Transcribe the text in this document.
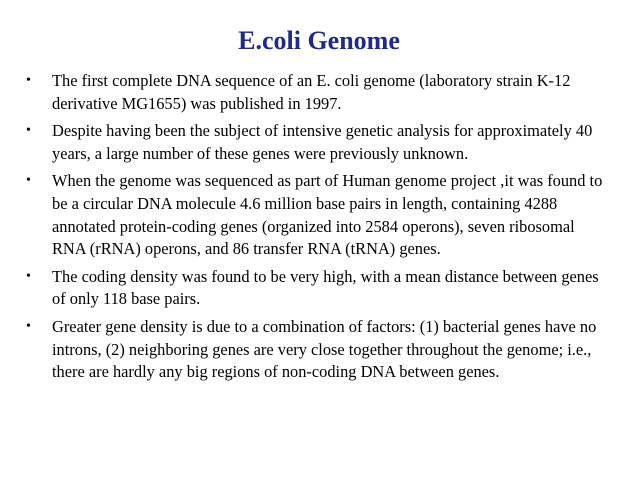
E.coli Genome
• The first complete DNA sequence of an E. coli genome (laboratory strain K-12 derivative MG1655) was published in 1997.
• Despite having been the subject of intensive genetic analysis for approximately 40 years, a large number of these genes were previously unknown.
• When the genome was sequenced as part of Human genome project ,it was found to be a circular DNA molecule 4.6 million base pairs in length, containing 4288 annotated protein-coding genes (organized into 2584 operons), seven ribosomal RNA (rRNA) operons, and 86 transfer RNA (tRNA) genes.
• The coding density was found to be very high, with a mean distance between genes of only 118 base pairs.
• Greater gene density is due to a combination of factors: (1) bacterial genes have no introns, (2) neighboring genes are very close together throughout the genome; i.e., there are hardly any big regions of non-coding DNA between genes.
